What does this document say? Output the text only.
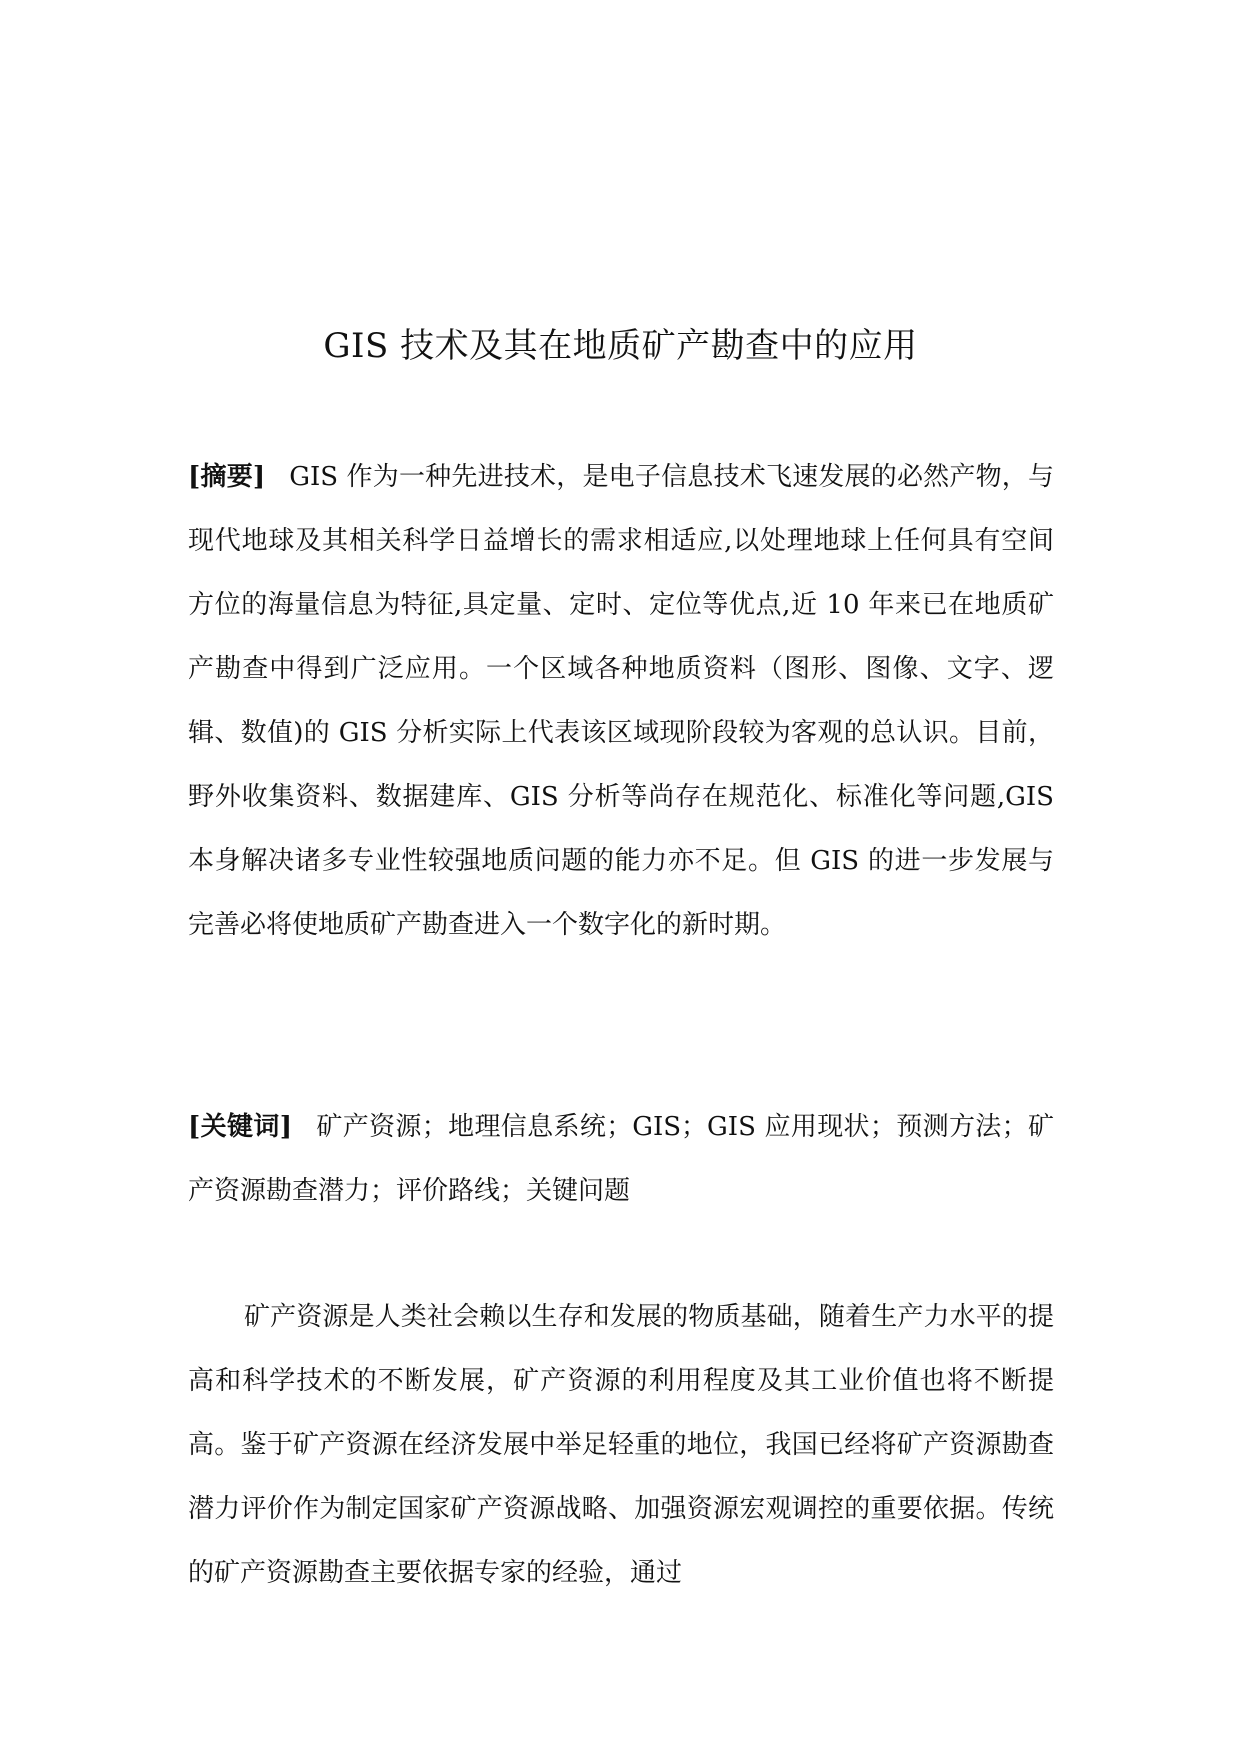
GIS 技术及其在地质矿产勘查中的应用

[摘要] GIS 作为一种先进技术，是电子信息技术飞速发展的必然产物，与现代地球及其相关科学日益增长的需求相适应,以处理地球上任何具有空间方位的海量信息为特征,具定量、定时、定位等优点,近 10 年来已在地质矿产勘查中得到广泛应用。一个区域各种地质资料（图形、图像、文字、逻辑、数值)的 GIS 分析实际上代表该区域现阶段较为客观的总认识。目前，野外收集资料、数据建库、GIS 分析等尚存在规范化、标准化等问题,GIS 本身解决诸多专业性较强地质问题的能力亦不足。但 GIS 的进一步发展与完善必将使地质矿产勘查进入一个数字化的新时期。

[关键词] 矿产资源；地理信息系统；GIS；GIS 应用现状；预测方法；矿产资源勘查潜力；评价路线；关键问题

矿产资源是人类社会赖以生存和发展的物质基础，随着生产力水平的提高和科学技术的不断发展，矿产资源的利用程度及其工业价值也将不断提高。鉴于矿产资源在经济发展中举足轻重的地位，我国已经将矿产资源勘查潜力评价作为制定国家矿产资源战略、加强资源宏观调控的重要依据。传统的矿产资源勘查主要依据专家的经验，通过
